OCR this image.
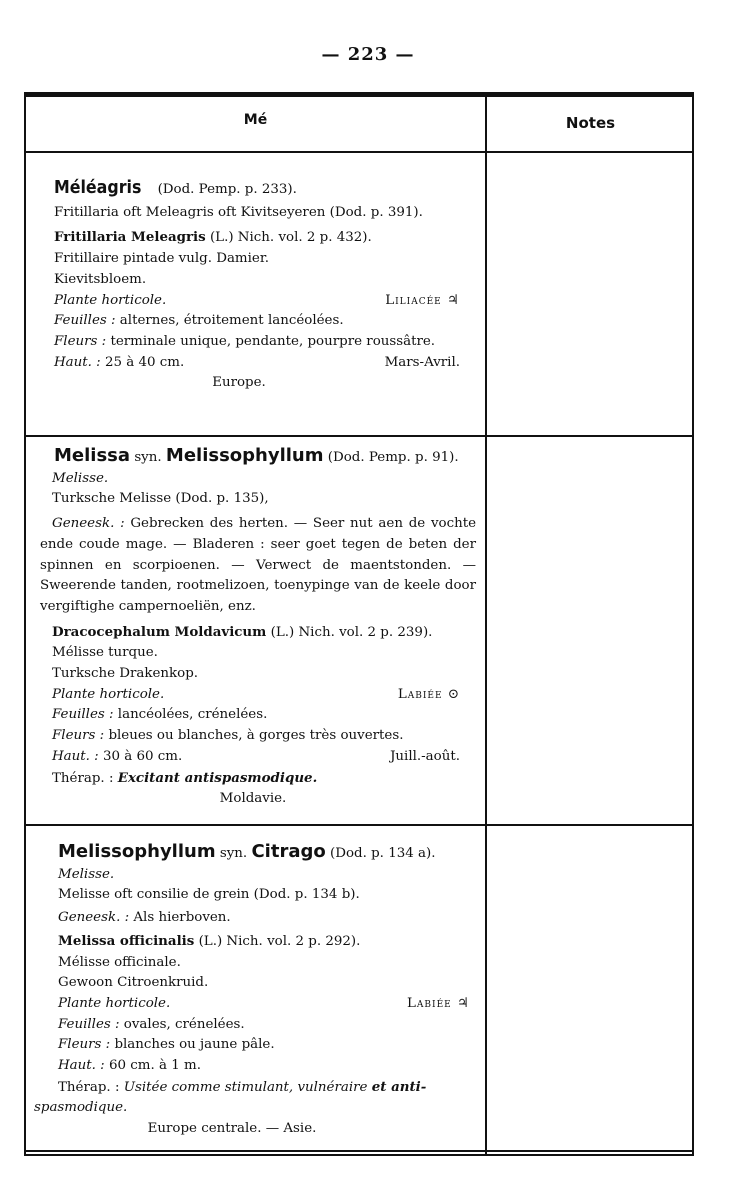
— 223 —
Mé	Notes

Méléagris (Dod. Pemp. p. 233).

Fritillaria oft Meleagris oft Kivitseyeren (Dod. p. 391).

Fritillaria Meleagris (L.) Nich. vol. 2 p. 432).

Fritillaire pintade vulg. Damier.

Kievitsbloem.

Plante horticole.	Liliacée ♃

Feuilles : alternes, étroitement lancéolées.

Fleurs : terminale unique, pendante, pourpre roussâtre.

Haut. : 25 à 40 cm.	Mars-Avril.

Europe.

Melissa syn. Melissophyllum (Dod. Pemp. p. 91).

Melisse.

Turksche Melisse (Dod. p. 135),

Geneesk. : Gebrecken des herten. — Seer nut aen de vochte ende coude mage. — Bladeren : seer goet tegen de beten der spinnen en scorpioenen. — Verwect de maentstonden. — Sweerende tanden, rootmelizoen, toenypinge van de keele door vergiftighe campernoeliën, enz.

Dracocephalum Moldavicum (L.) Nich. vol. 2 p. 239).

Mélisse turque.

Turksche Drakenkop.

Plante horticole.	Labiée ⊙

Feuilles : lancéolées, crénelées.

Fleurs : bleues ou blanches, à gorges très ouvertes.

Haut. : 30 à 60 cm.	Juill.-août.

Thérap. : Excitant antispasmodique.

Moldavie.

Melissophyllum syn. Citrago (Dod. p. 134 a).

Melisse.

Melisse oft consilie de grein (Dod. p. 134 b).

Geneesk. : Als hierboven.

Melissa officinalis (L.) Nich. vol. 2 p. 292).

Mélisse officinale.

Gewoon Citroenkruid.

Plante horticole.	Labiée ♃

Feuilles : ovales, crénelées.

Fleurs : blanches ou jaune pâle.

Haut. : 60 cm. à 1 m.

Thérap. : Usitée comme stimulant, vulnéraire et anti-

spasmodique.

Europe centrale. — Asie.
